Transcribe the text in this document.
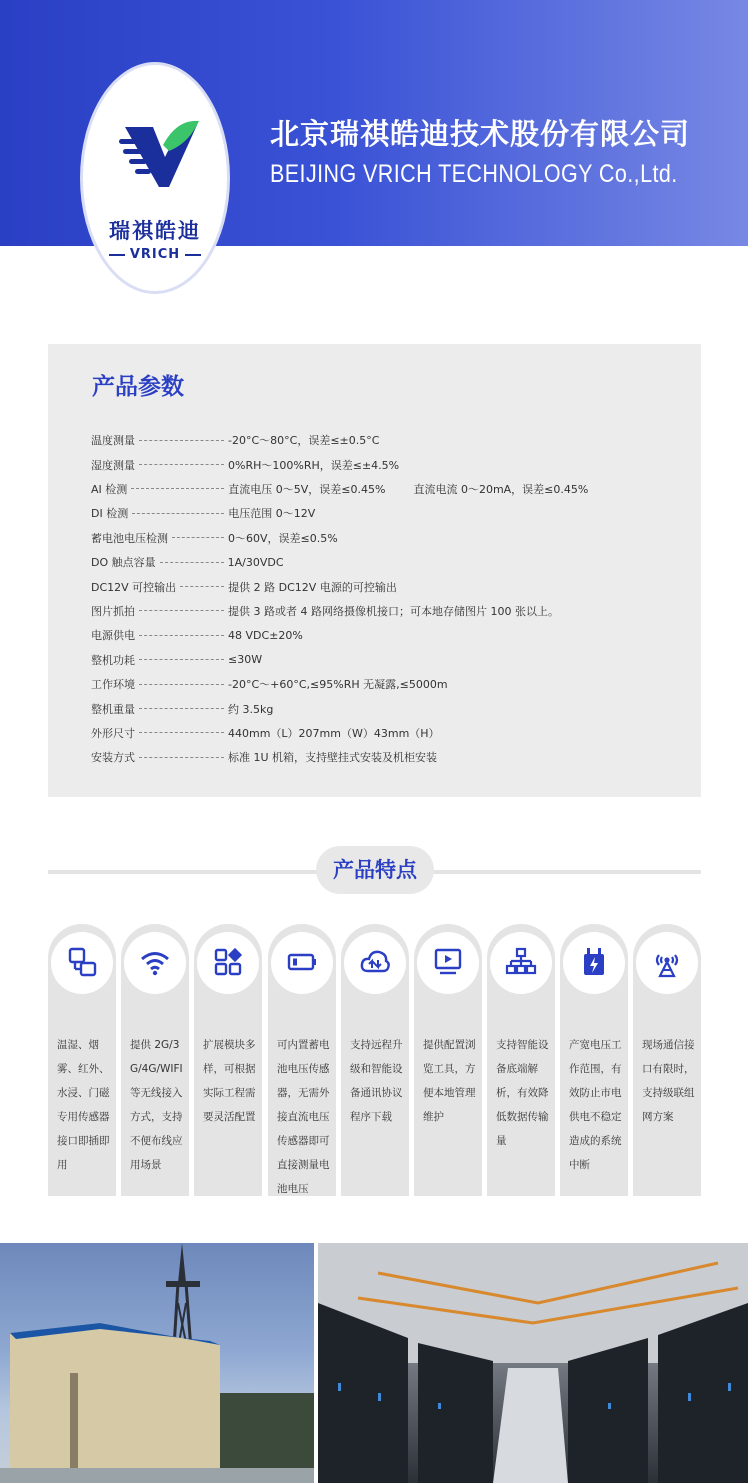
瑞祺皓迪
VRICH
北京瑞祺皓迪技术股份有限公司
BEIJING VRICH TECHNOLOGY Co.,Ltd.
产品参数
温度测量	-20°C～80°C，误差≤±0.5°C
湿度测量	0%RH～100%RH，误差≤±4.5%
AI 检测	直流电压 0～5V，误差≤0.45%	直流电流 0～20mA，误差≤0.45%
DI 检测	电压范围 0～12V
蓄电池电压检测	0～60V，误差≤0.5%
DO 触点容量	1A/30VDC
DC12V 可控输出	提供 2 路 DC12V 电源的可控输出
图片抓拍	提供 3 路或者 4 路网络摄像机接口；可本地存储图片 100 张以上。
电源供电	48 VDC±20%
整机功耗	≤30W
工作环境	-20°C～+60°C,≤95%RH 无凝露,≤5000m
整机重量	约 3.5kg
外形尺寸	440mm（L）207mm（W）43mm（H）
安装方式	标准 1U 机箱，支持壁挂式安装及机柜安装
产品特点
温湿、烟雾、红外、水浸、门磁专用传感器接口即插即用
提供 2G/3G/4G/WIFI 等无线接入方式，支持不便布线应用场景
扩展模块多样，可根据实际工程需要灵活配置
可内置蓄电池电压传感器，无需外接直流电压传感器即可直接测量电池电压
支持远程升级和智能设备通讯协议程序下载
提供配置浏览工具，方便本地管理维护
支持智能设备底端解析，有效降低数据传输量
产宽电压工作范围，有效防止市电供电不稳定造成的系统中断
现场通信接口有限时，支持级联组网方案
